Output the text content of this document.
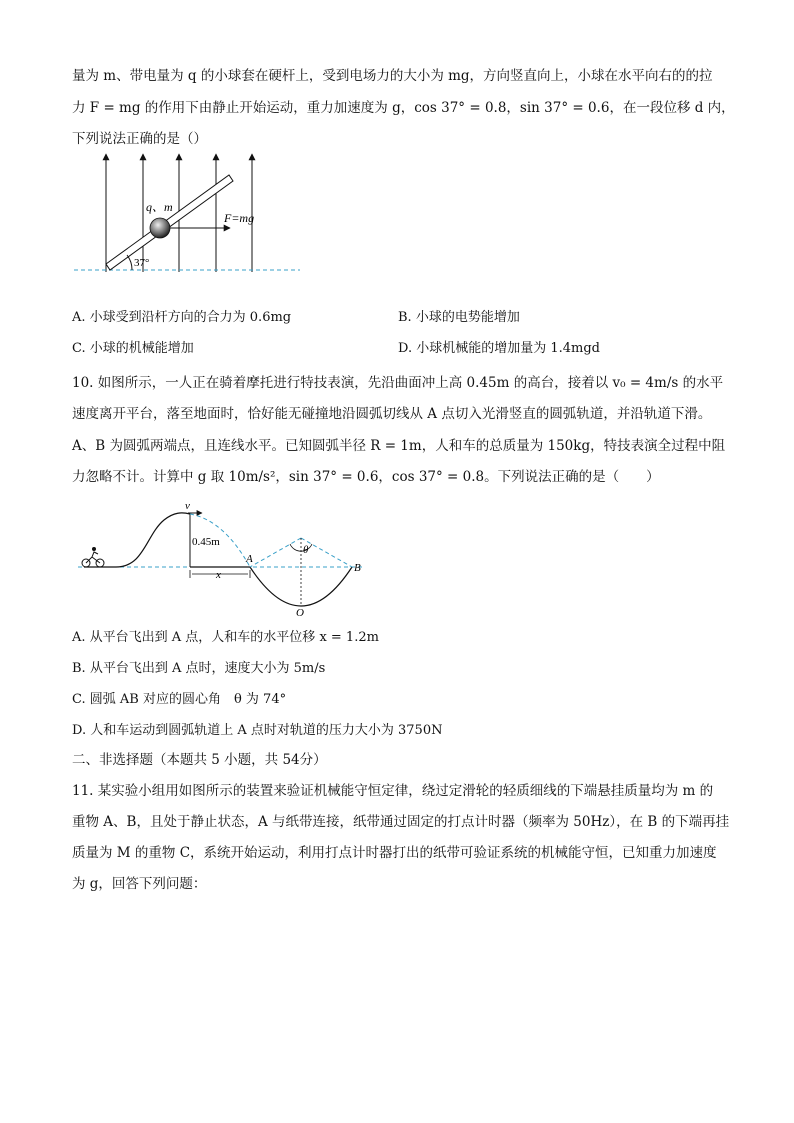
量为 m、带电量为 q 的小球套在硬杆上，受到电场力的大小为 mg，方向竖直向上，小球在水平向右的的拉
力 F = mg 的作用下由静止开始运动，重力加速度为 g，cos 37° = 0.8，sin 37° = 0.6，在一段位移 d 内，
下列说法正确的是（）
q、m
F=mg
37°
A. 小球受到沿杆方向的合力为 0.6mg	B. 小球的电势能增加
C. 小球的机械能增加	D. 小球机械能的增加量为 1.4mgd
10. 如图所示，一人正在骑着摩托进行特技表演，先沿曲面冲上高 0.45m 的高台，接着以 v₀ = 4m/s 的水平
速度离开平台，落至地面时，恰好能无碰撞地沿圆弧切线从 A 点切入光滑竖直的圆弧轨道，并沿轨道下滑。
A、B 为圆弧两端点，且连线水平。已知圆弧半径 R = 1m，人和车的总质量为 150kg，特技表演全过程中阻
力忽略不计。计算中 g 取 10m/s²，sin 37° = 0.6，cos 37° = 0.8。下列说法正确的是（　　）
v
0.45m
A
B
x
θ
O
A. 从平台飞出到 A 点，人和车的水平位移 x = 1.2m
B. 从平台飞出到 A 点时，速度大小为 5m/s
C. 圆弧 AB 对应的圆心角　θ 为 74°
D. 人和车运动到圆弧轨道上 A 点时对轨道的压力大小为 3750N
二、非选择题（本题共 5 小题，共 54分）
11. 某实验小组用如图所示的装置来验证机械能守恒定律，绕过定滑轮的轻质细线的下端悬挂质量均为 m 的
重物 A、B，且处于静止状态，A 与纸带连接，纸带通过固定的打点计时器（频率为 50Hz），在 B 的下端再挂
质量为 M 的重物 C，系统开始运动，利用打点计时器打出的纸带可验证系统的机械能守恒，已知重力加速度
为 g，回答下列问题：
